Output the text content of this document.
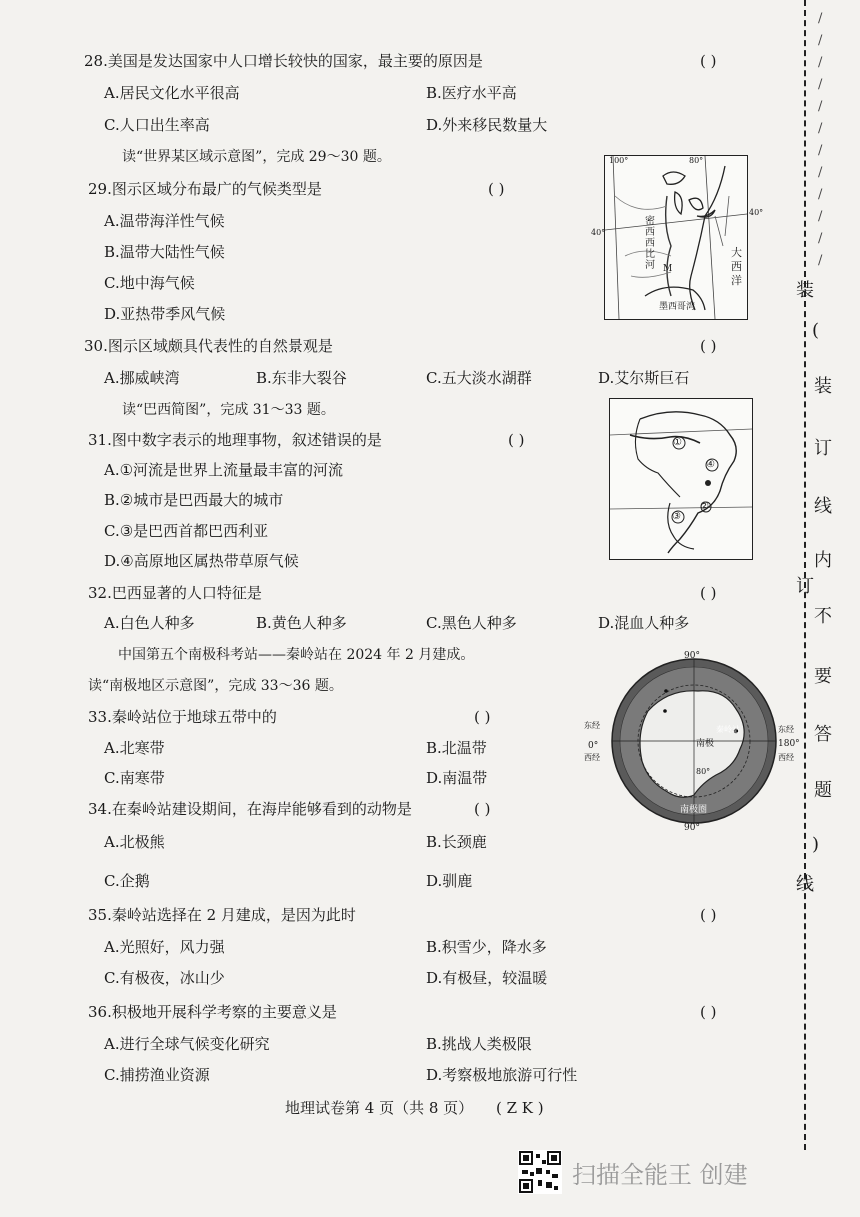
28.美国是发达国家中人口增长较快的国家，最主要的原因是	( )
A.居民文化水平很高	B.医疗水平高
C.人口出生率高	D.外来移民数量大
读“世界某区域示意图”，完成 29～30 题。
29.图示区域分布最广的气候类型是	( )
A.温带海洋性气候
B.温带大陆性气候
C.地中海气候
D.亚热带季风气候
100°	80°
40°
40°
密西西比河 M
大西洋
墨西哥湾
30.图示区域颇具代表性的自然景观是	( )
A.挪威峡湾	B.东非大裂谷	C.五大淡水湖群	D.艾尔斯巨石
读“巴西简图”，完成 31～33 题。
31.图中数字表示的地理事物，叙述错误的是	( )
A.①河流是世界上流量最丰富的河流
B.②城市是巴西最大的城市
C.③是巴西首都巴西利亚
D.④高原地区属热带草原气候
①
④
②
③
32.巴西显著的人口特征是	( )
A.白色人种多	B.黄色人种多	C.黑色人种多	D.混血人种多
中国第五个南极科考站——秦岭站在 2024 年 2 月建成。
读“南极地区示意图”，完成 33～36 题。
33.秦岭站位于地球五带中的	( )
A.北寒带	B.北温带
C.南寒带	D.南温带
90°
90°
东经
0°
西经
东经
180°
西经
南极
秦岭站
80°
南极圈
34.在秦岭站建设期间，在海岸能够看到的动物是	( )
A.北极熊	B.长颈鹿
C.企鹅	D.驯鹿
35.秦岭站选择在 2 月建成，是因为此时	( )
A.光照好，风力强	B.积雪少，降水多
C.有极夜，冰山少	D.有极昼，较温暖
36.积极地开展科学考察的主要意义是	( )
A.进行全球气候变化研究	B.挑战人类极限
C.捕捞渔业资源	D.考察极地旅游可行性
地理试卷第 4 页（共 8 页） ( Z K )
/
/
/
/
/
/
/
/
/
/
/
/
装
(
装
订
线
内
不
要
答
题
)
订
线
扫描全能王 创建
